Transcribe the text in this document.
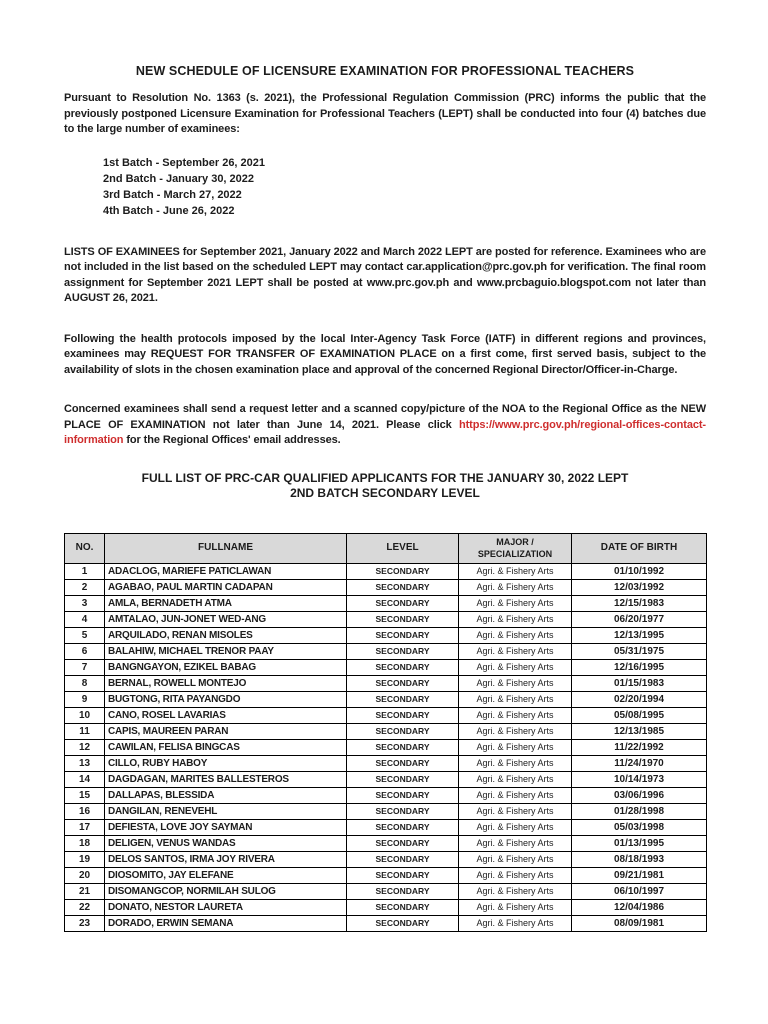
NEW SCHEDULE OF LICENSURE EXAMINATION FOR PROFESSIONAL TEACHERS

Pursuant to Resolution No. 1363 (s. 2021), the Professional Regulation Commission (PRC) informs the public that the previously postponed Licensure Examination for Professional Teachers (LEPT) shall be conducted into four (4) batches due to the large number of examinees:

1st Batch - September 26, 2021
2nd Batch - January 30, 2022
3rd Batch - March 27, 2022
4th Batch - June 26, 2022

LISTS OF EXAMINEES for September 2021, January 2022 and March 2022 LEPT are posted for reference. Examinees who are not included in the list based on the scheduled LEPT may contact car.application@prc.gov.ph for verification. The final room assignment for September 2021 LEPT shall be posted at www.prc.gov.ph and www.prcbaguio.blogspot.com not later than AUGUST 26, 2021.

Following the health protocols imposed by the local Inter-Agency Task Force (IATF) in different regions and provinces, examinees may REQUEST FOR TRANSFER OF EXAMINATION PLACE on a first come, first served basis, subject to the availability of slots in the chosen examination place and approval of the concerned Regional Director/Officer-in-Charge.

Concerned examinees shall send a request letter and a scanned copy/picture of the NOA to the Regional Office as the NEW PLACE OF EXAMINATION not later than June 14, 2021. Please click https://www.prc.gov.ph/regional-offices-contact-information for the Regional Offices' email addresses.

FULL LIST OF PRC-CAR QUALIFIED APPLICANTS FOR THE JANUARY 30, 2022 LEPT
2ND BATCH SECONDARY LEVEL
NO.	FULLNAME	LEVEL	MAJOR / SPECIALIZATION	DATE OF BIRTH
1	ADACLOG, MARIEFE PATICLAWAN	SECONDARY	Agri. & Fishery Arts	01/10/1992
2	AGABAO, PAUL MARTIN CADAPAN	SECONDARY	Agri. & Fishery Arts	12/03/1992
3	AMLA, BERNADETH ATMA	SECONDARY	Agri. & Fishery Arts	12/15/1983
4	AMTALAO, JUN-JONET WED-ANG	SECONDARY	Agri. & Fishery Arts	06/20/1977
5	ARQUILADO, RENAN MISOLES	SECONDARY	Agri. & Fishery Arts	12/13/1995
6	BALAHIW, MICHAEL TRENOR PAAY	SECONDARY	Agri. & Fishery Arts	05/31/1975
7	BANGNGAYON, EZIKEL BABAG	SECONDARY	Agri. & Fishery Arts	12/16/1995
8	BERNAL, ROWELL MONTEJO	SECONDARY	Agri. & Fishery Arts	01/15/1983
9	BUGTONG, RITA PAYANGDO	SECONDARY	Agri. & Fishery Arts	02/20/1994
10	CANO, ROSEL LAVARIAS	SECONDARY	Agri. & Fishery Arts	05/08/1995
11	CAPIS, MAUREEN PARAN	SECONDARY	Agri. & Fishery Arts	12/13/1985
12	CAWILAN, FELISA BINGCAS	SECONDARY	Agri. & Fishery Arts	11/22/1992
13	CILLO, RUBY HABOY	SECONDARY	Agri. & Fishery Arts	11/24/1970
14	DAGDAGAN, MARITES BALLESTEROS	SECONDARY	Agri. & Fishery Arts	10/14/1973
15	DALLAPAS, BLESSIDA	SECONDARY	Agri. & Fishery Arts	03/06/1996
16	DANGILAN, RENEVEHL	SECONDARY	Agri. & Fishery Arts	01/28/1998
17	DEFIESTA, LOVE JOY SAYMAN	SECONDARY	Agri. & Fishery Arts	05/03/1998
18	DELIGEN, VENUS WANDAS	SECONDARY	Agri. & Fishery Arts	01/13/1995
19	DELOS SANTOS, IRMA JOY RIVERA	SECONDARY	Agri. & Fishery Arts	08/18/1993
20	DIOSOMITO, JAY ELEFANE	SECONDARY	Agri. & Fishery Arts	09/21/1981
21	DISOMANGCOP, NORMILAH SULOG	SECONDARY	Agri. & Fishery Arts	06/10/1997
22	DONATO, NESTOR LAURETA	SECONDARY	Agri. & Fishery Arts	12/04/1986
23	DORADO, ERWIN SEMANA	SECONDARY	Agri. & Fishery Arts	08/09/1981
